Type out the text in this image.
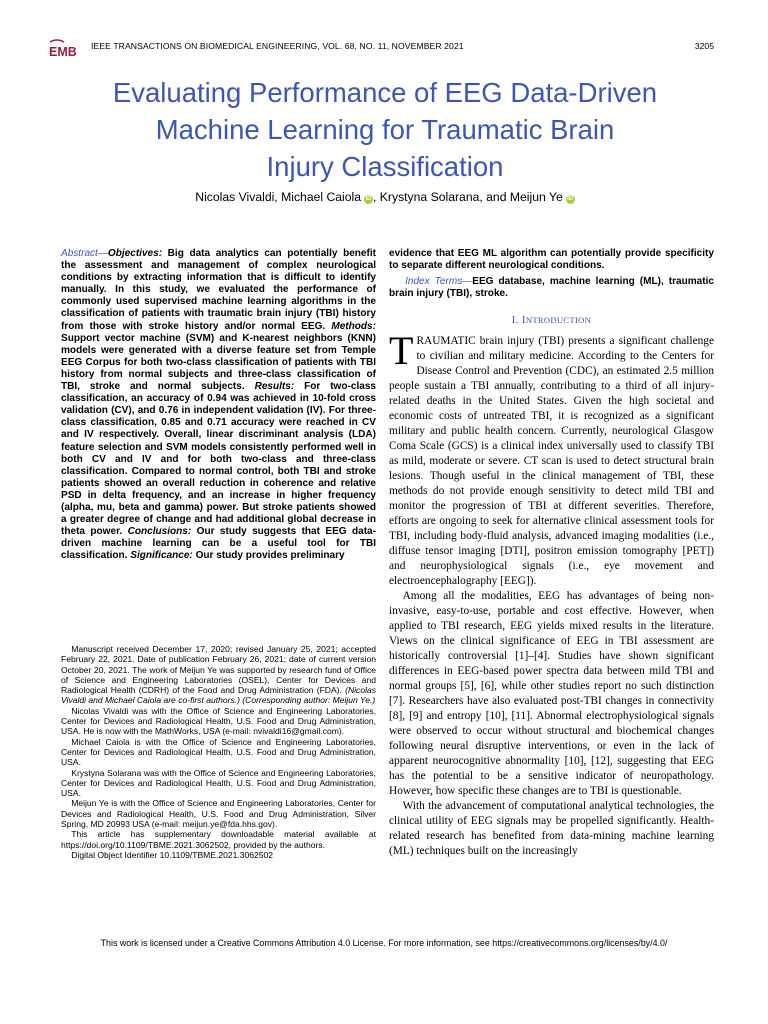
EMB IEEE TRANSACTIONS ON BIOMEDICAL ENGINEERING, VOL. 68, NO. 11, NOVEMBER 2021	3205
Evaluating Performance of EEG Data-Driven
Machine Learning for Traumatic Brain
Injury Classification
Nicolas Vivaldi, Michael Caiola iD , Krystyna Solarana, and Meijun Ye iD

Abstract—Objectives: Big data analytics can potentially benefit the assessment and management of complex neurological conditions by extracting information that is difficult to identify manually. In this study, we evaluated the performance of commonly used supervised machine learning algorithms in the classification of patients with traumatic brain injury (TBI) history from those with stroke history and/or normal EEG. Methods: Support vector machine (SVM) and K-nearest neighbors (KNN) models were generated with a diverse feature set from Temple EEG Corpus for both two-class classification of patients with TBI history from normal subjects and three-class classification of TBI, stroke and normal subjects. Results: For two-class classification, an accuracy of 0.94 was achieved in 10-fold cross validation (CV), and 0.76 in independent validation (IV). For three-class classification, 0.85 and 0.71 accuracy were reached in CV and IV respectively. Overall, linear discriminant analysis (LDA) feature selection and SVM models consistently performed well in both CV and IV and for both two-class and three-class classification. Compared to normal control, both TBI and stroke patients showed an overall reduction in coherence and relative PSD in delta frequency, and an increase in higher frequency (alpha, mu, beta and gamma) power. But stroke patients showed a greater degree of change and had additional global decrease in theta power. Conclusions: Our study suggests that EEG data-driven machine learning can be a useful tool for TBI classification. Significance: Our study provides preliminary

Manuscript received December 17, 2020; revised January 25, 2021; accepted February 22, 2021. Date of publication February 26, 2021; date of current version October 20, 2021. The work of Meijun Ye was supported by research fund of Office of Science and Engineering Laboratories (OSEL), Center for Devices and Radiological Health (CDRH) of the Food and Drug Administration (FDA). (Nicolas Vivaldi and Michael Caiola are co-first authors.) (Corresponding author: Meijun Ye.)

Nicolas Vivaldi was with the Office of Science and Engineering Laboratories, Center for Devices and Radiological Health, U.S. Food and Drug Administration, USA. He is now with the MathWorks, USA (e-mail: nvivaldi16@gmail.com).

Michael Caiola is with the Office of Science and Engineering Laboratories, Center for Devices and Radiological Health, U.S. Food and Drug Administration, USA.

Krystyna Solarana was with the Office of Science and Engineering Laboratories, Center for Devices and Radiological Health, U.S. Food and Drug Administration, USA.

Meijun Ye is with the Office of Science and Engineering Laboratories, Center for Devices and Radiological Health, U.S. Food and Drug Administration, Silver Spring, MD 20993 USA (e-mail: meijun.ye@fda.hhs.gov).

This article has supplementary downloadable material available at https://doi.org/10.1109/TBME.2021.3062502, provided by the authors.

Digital Object Identifier 10.1109/TBME.2021.3062502

evidence that EEG ML algorithm can potentially provide specificity to separate different neurological conditions.

Index Terms—EEG database, machine learning (ML), traumatic brain injury (TBI), stroke.

I. INTRODUCTION

TRAUMATIC brain injury (TBI) presents a significant challenge to civilian and military medicine. According to the Centers for Disease Control and Prevention (CDC), an estimated 2.5 million people sustain a TBI annually, contributing to a third of all injury-related deaths in the United States. Given the high societal and economic costs of untreated TBI, it is recognized as a significant military and public health concern. Currently, neurological Glasgow Coma Scale (GCS) is a clinical index universally used to classify TBI as mild, moderate or severe. CT scan is used to detect structural brain lesions. Though useful in the clinical management of TBI, these methods do not provide enough sensitivity to detect mild TBI and monitor the progression of TBI at different severities. Therefore, efforts are ongoing to seek for alternative clinical assessment tools for TBI, including body-fluid analysis, advanced imaging modalities (i.e., diffuse tensor imaging [DTI], positron emission tomography [PET]) and neurophysiological signals (i.e., eye movement and electroencephalography [EEG]).

Among all the modalities, EEG has advantages of being non-invasive, easy-to-use, portable and cost effective. However, when applied to TBI research, EEG yields mixed results in the literature. Views on the clinical significance of EEG in TBI assessment are historically controversial [1]–[4]. Studies have shown significant differences in EEG-based power spectra data between mild TBI and normal groups [5], [6], while other studies report no such distinction [7]. Researchers have also evaluated post-TBI changes in connectivity [8], [9] and entropy [10], [11]. Abnormal electrophysiological signals were observed to occur without structural and biochemical changes following neural disruptive interventions, or even in the lack of apparent neurocognitive abnormality [10], [12], suggesting that EEG has the potential to be a sensitive indicator of neuropathology. However, how specific these changes are to TBI is questionable.

With the advancement of computational analytical technologies, the clinical utility of EEG signals may be propelled significantly. Health-related research has benefited from data-mining machine learning (ML) techniques built on the increasingly

This work is licensed under a Creative Commons Attribution 4.0 License. For more information, see https://creativecommons.org/licenses/by/4.0/
